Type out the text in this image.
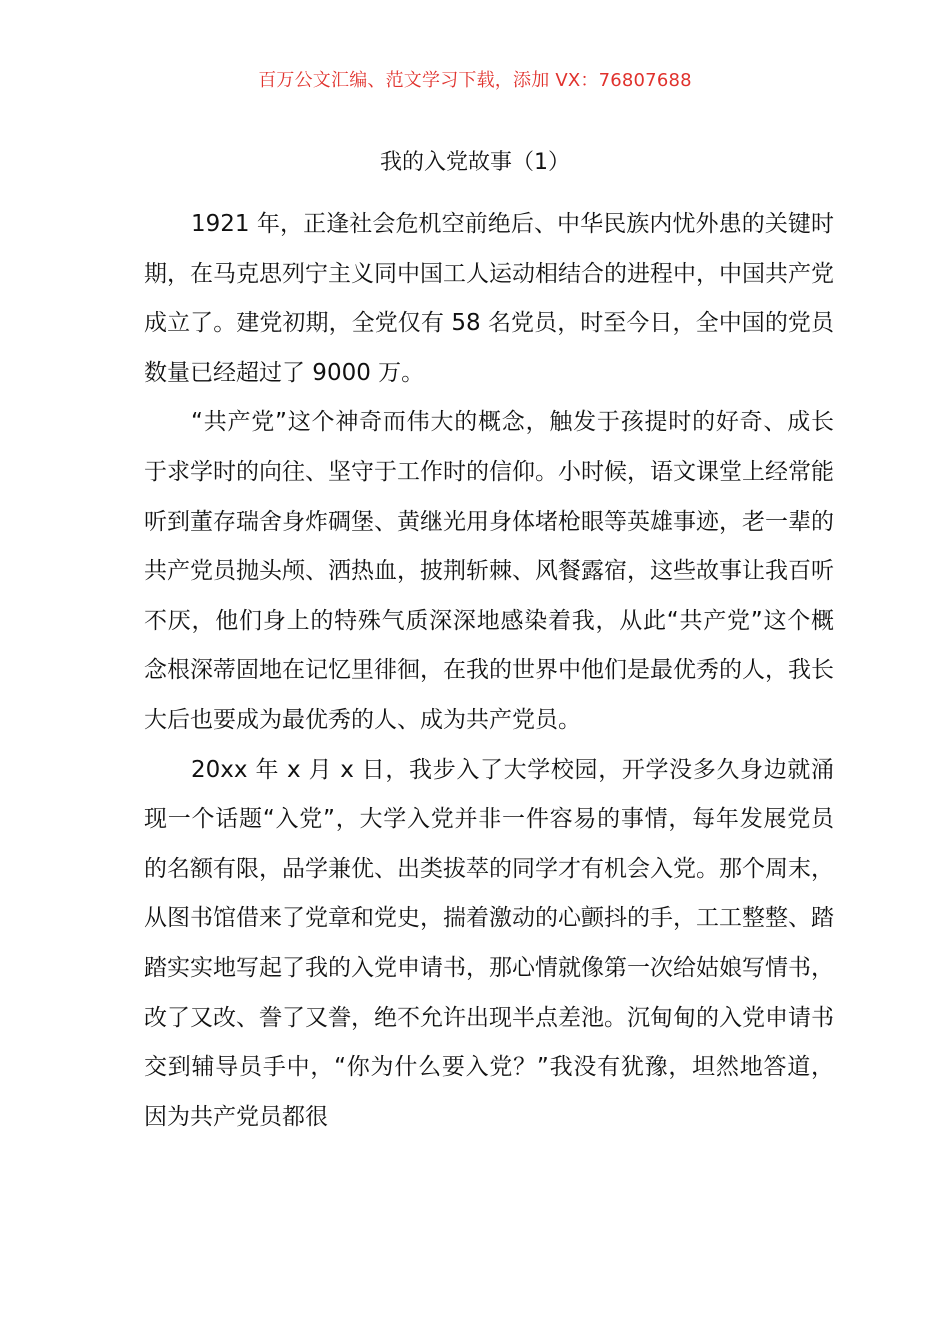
百万公文汇编、范文学习下载，添加 VX：76807688
我的入党故事（1）

1921 年，正逢社会危机空前绝后、中华民族内忧外患的关键时期，在马克思列宁主义同中国工人运动相结合的进程中，中国共产党成立了。建党初期，全党仅有 58 名党员，时至今日，全中国的党员数量已经超过了 9000 万。

“共产党”这个神奇而伟大的概念，触发于孩提时的好奇、成长于求学时的向往、坚守于工作时的信仰。小时候，语文课堂上经常能听到董存瑞舍身炸碉堡、黄继光用身体堵枪眼等英雄事迹，老一辈的共产党员抛头颅、洒热血，披荆斩棘、风餐露宿，这些故事让我百听不厌，他们身上的特殊气质深深地感染着我，从此“共产党”这个概念根深蒂固地在记忆里徘徊，在我的世界中他们是最优秀的人，我长大后也要成为最优秀的人、成为共产党员。

20xx 年 x 月 x 日，我步入了大学校园，开学没多久身边就涌现一个话题“入党”，大学入党并非一件容易的事情，每年发展党员的名额有限，品学兼优、出类拔萃的同学才有机会入党。那个周末，从图书馆借来了党章和党史，揣着激动的心颤抖的手，工工整整、踏踏实实地写起了我的入党申请书，那心情就像第一次给姑娘写情书，改了又改、誊了又誊，绝不允许出现半点差池。沉甸甸的入党申请书交到辅导员手中，“你为什么要入党？”我没有犹豫，坦然地答道，因为共产党员都很
